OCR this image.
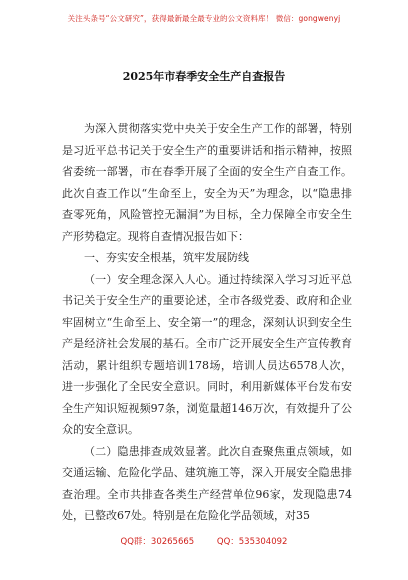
关注头条号“公文研究”，获得最新最全最专业的公文资料库！ 微信：gongwenyj
2025年市春季安全生产自查报告

为深入贯彻落实党中央关于安全生产工作的部署，特别是习近平总书记关于安全生产的重要讲话和指示精神，按照省委统一部署，市在春季开展了全面的安全生产自查工作。此次自查工作以“生命至上，安全为天”为理念，以“隐患排查零死角，风险管控无漏洞”为目标，全力保障全市安全生产形势稳定。现将自查情况报告如下：

一、夯实安全根基，筑牢发展防线

（一）安全理念深入人心。通过持续深入学习习近平总书记关于安全生产的重要论述，全市各级党委、政府和企业牢固树立“生命至上、安全第一”的理念，深刻认识到安全生产是经济社会发展的基石。全市广泛开展安全生产宣传教育活动，累计组织专题培训178场，培训人员达6578人次，进一步强化了全民安全意识。同时，利用新媒体平台发布安全生产知识短视频97条，浏览量超146万次，有效提升了公众的安全意识。

（二）隐患排查成效显著。此次自查聚焦重点领域，如交通运输、危险化学品、建筑施工等，深入开展安全隐患排查治理。全市共排查各类生产经营单位96家，发现隐患74处，已整改67处。特别是在危险化学品领域，对35

QQ群：30265665	QQ：535304092
